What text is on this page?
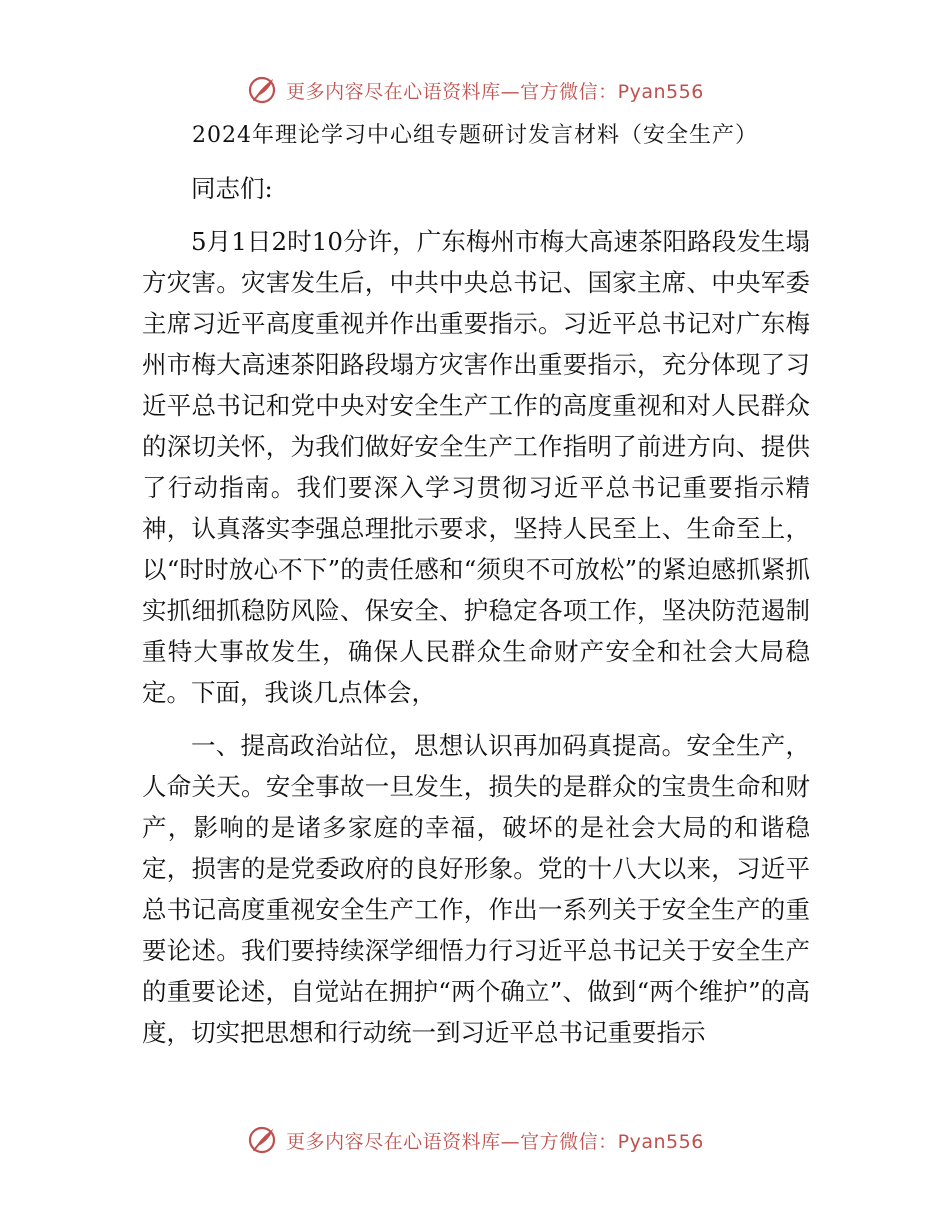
更多内容尽在心语资料库—官方微信：Pyan556
2024年理论学习中心组专题研讨发言材料（安全生产）

同志们:

5月1日2时10分许，广东梅州市梅大高速茶阳路段发生塌方灾害。灾害发生后，中共中央总书记、国家主席、中央军委主席习近平高度重视并作出重要指示。习近平总书记对广东梅州市梅大高速茶阳路段塌方灾害作出重要指示，充分体现了习近平总书记和党中央对安全生产工作的高度重视和对人民群众的深切关怀，为我们做好安全生产工作指明了前进方向、提供了行动指南。我们要深入学习贯彻习近平总书记重要指示精神，认真落实李强总理批示要求，坚持人民至上、生命至上，以“时时放心不下”的责任感和“须臾不可放松”的紧迫感抓紧抓实抓细抓稳防风险、保安全、护稳定各项工作，坚决防范遏制重特大事故发生，确保人民群众生命财产安全和社会大局稳定。下面，我谈几点体会，

一、提高政治站位，思想认识再加码真提高。安全生产，人命关天。安全事故一旦发生，损失的是群众的宝贵生命和财产，影响的是诸多家庭的幸福，破坏的是社会大局的和谐稳定，损害的是党委政府的良好形象。党的十八大以来，习近平总书记高度重视安全生产工作，作出一系列关于安全生产的重要论述。我们要持续深学细悟力行习近平总书记关于安全生产的重要论述，自觉站在拥护“两个确立”、做到“两个维护”的高度，切实把思想和行动统一到习近平总书记重要指示

更多内容尽在心语资料库—官方微信：Pyan556
